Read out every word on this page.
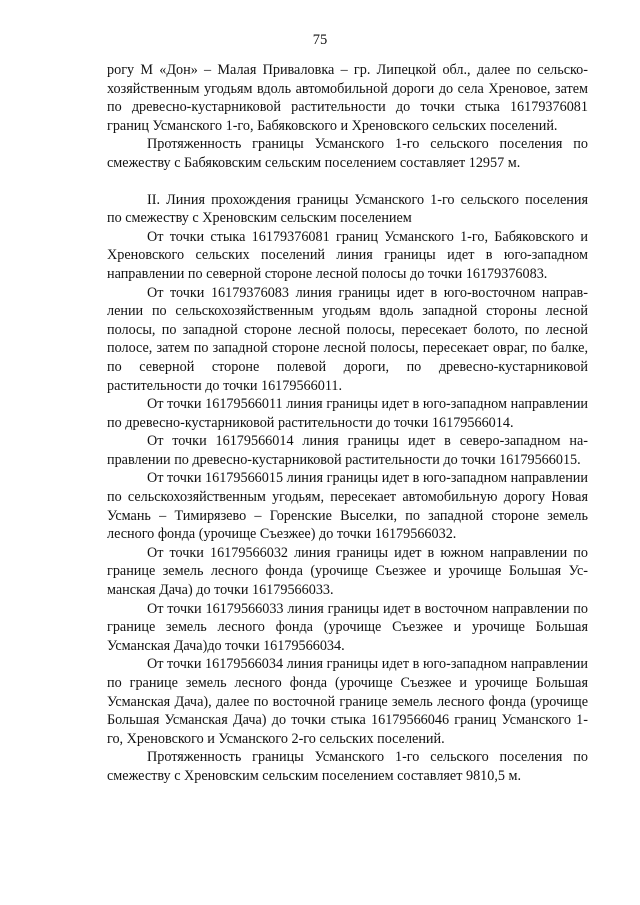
75

рогу М «Дон» – Малая Приваловка – гр. Липецкой обл., далее по сельскохозяйственным угодьям вдоль автомобильной дороги до села Хреновое, затем по древесно-кустарниковой растительности до точки стыка 16179376081 границ Усманского 1-го, Бабяковского и Хреновского сельских поселений.

Протяженность границы Усманского 1-го сельского поселения по смежеству с Бабяковским сельским поселением составляет 12957 м.

II. Линия прохождения границы Усманского 1-го сельского поселения по смежеству с Хреновским сельским поселением

От точки стыка 16179376081 границ Усманского 1-го, Бабяковского и Хреновского сельских поселений линия границы идет в юго-западном направлении по северной стороне лесной полосы до точки 16179376083.

От точки 16179376083 линия границы идет в юго-восточном направлении по сельскохозяйственным угодьям вдоль западной стороны лесной полосы, по западной стороне лесной полосы, пересекает болото, по лесной полосе, затем по западной стороне лесной полосы, пересекает овраг, по балке, по северной стороне полевой дороги, по древесно-кустарниковой растительности до точки 16179566011.

От точки 16179566011 линия границы идет в юго-западном направлении по древесно-кустарниковой растительности до точки 16179566014.

От точки 16179566014 линия границы идет в северо-западном направлении по древесно-кустарниковой растительности до точки 16179566015.

От точки 16179566015 линия границы идет в юго-западном направлении по сельскохозяйственным угодьям, пересекает автомобильную дорогу Новая Усмань – Тимирязево – Горенские Выселки, по западной стороне земель лесного фонда (урочище Съезжее) до точки 16179566032.

От точки 16179566032 линия границы идет в южном направлении по границе земель лесного фонда (урочище Съезжее и урочище Большая Усманская Дача) до точки 16179566033.

От точки 16179566033 линия границы идет в восточном направлении по границе земель лесного фонда (урочище Съезжее и урочище Большая Усманская Дача)до точки 16179566034.

От точки 16179566034 линия границы идет в юго-западном направлении по границе земель лесного фонда (урочище Съезжее и урочище Большая Усманская Дача), далее по восточной границе земель лесного фонда (урочище Большая Усманская Дача) до точки стыка 16179566046 границ Усманского 1-го, Хреновского и Усманского 2-го сельских поселений.

Протяженность границы Усманского 1-го сельского поселения по смежеству с Хреновским сельским поселением составляет 9810,5 м.
